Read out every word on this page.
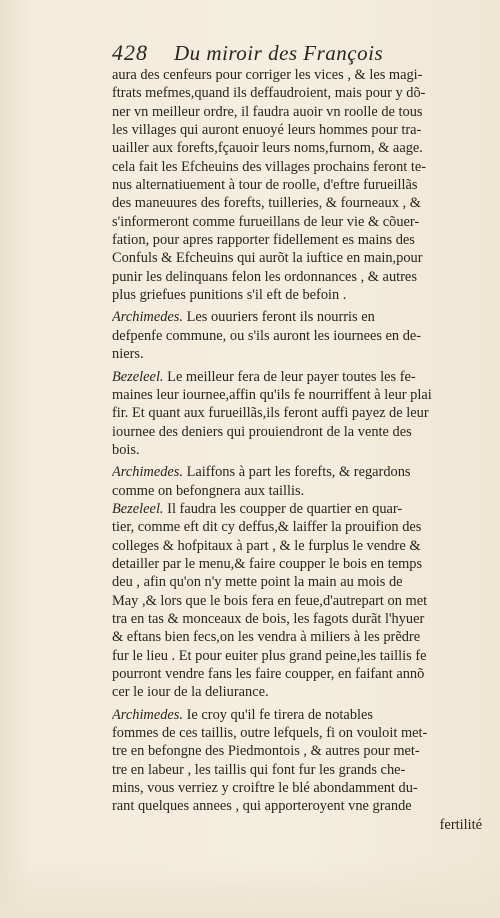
428 Du miroir des François
aura des cenfeurs pour corriger les vices , & les magi-
ftrats mefmes,quand ils deffaudroient, mais pour y dõ-
ner vn meilleur ordre, il faudra auoir vn roolle de tous
les villages qui auront enuoyé leurs hommes pour tra-
uailler aux forefts,fçauoir leurs noms,furnom, & aage.
cela fait les Efcheuins des villages prochains feront te-
nus alternatiuement à tour de roolle, d'eftre furueillãs
des maneuures des forefts, tuilleries, & fourneaux , &
s'informeront comme furueillans de leur vie & cõuer-
fation, pour apres rapporter fidellement es mains des
Confuls & Efcheuins qui aurõt la iuftice en main,pour
punir les delinquans felon les ordonnances , & autres
plus griefues punitions s'il eft de befoin .
Archimedes. Les ouuriers feront ils nourris en
defpenfe commune, ou s'ils auront les iournees en de-
niers.
Bezeleel. Le meilleur fera de leur payer toutes les fe-
maines leur iournee,affin qu'ils fe nourriffent à leur plai
fir. Et quant aux furueillãs,ils feront auffi payez de leur
iournee des deniers qui prouiendront de la vente des
bois.
Archimedes. Laiffons à part les forefts, & regardons
comme on befongnera aux taillis.
Bezeleel. Il faudra les coupper de quartier en quar-
tier, comme eft dit cy deffus,& laiffer la prouifion des
colleges & hofpitaux à part , & le furplus le vendre &
detailler par le menu,& faire coupper le bois en temps
deu , afin qu'on n'y mette point la main au mois de
May ,& lors que le bois fera en feue,d'autrepart on met
tra en tas & monceaux de bois, les fagots durãt l'hyuer
& eftans bien fecs,on les vendra à miliers à les prẽdre
fur le lieu . Et pour euiter plus grand peine,les taillis fe
pourront vendre fans les faire coupper, en faifant annõ
cer le iour de la deliurance.
Archimedes. Ie croy qu'il fe tirera de notables
fommes de ces taillis, outre lefquels, fi on vouloit met-
tre en befongne des Piedmontois , & autres pour met-
tre en labeur , les taillis qui font fur les grands che-
mins, vous verriez y croiftre le blé abondamment du-
rant quelques annees , qui apporteroyent vne grande
fertilité
